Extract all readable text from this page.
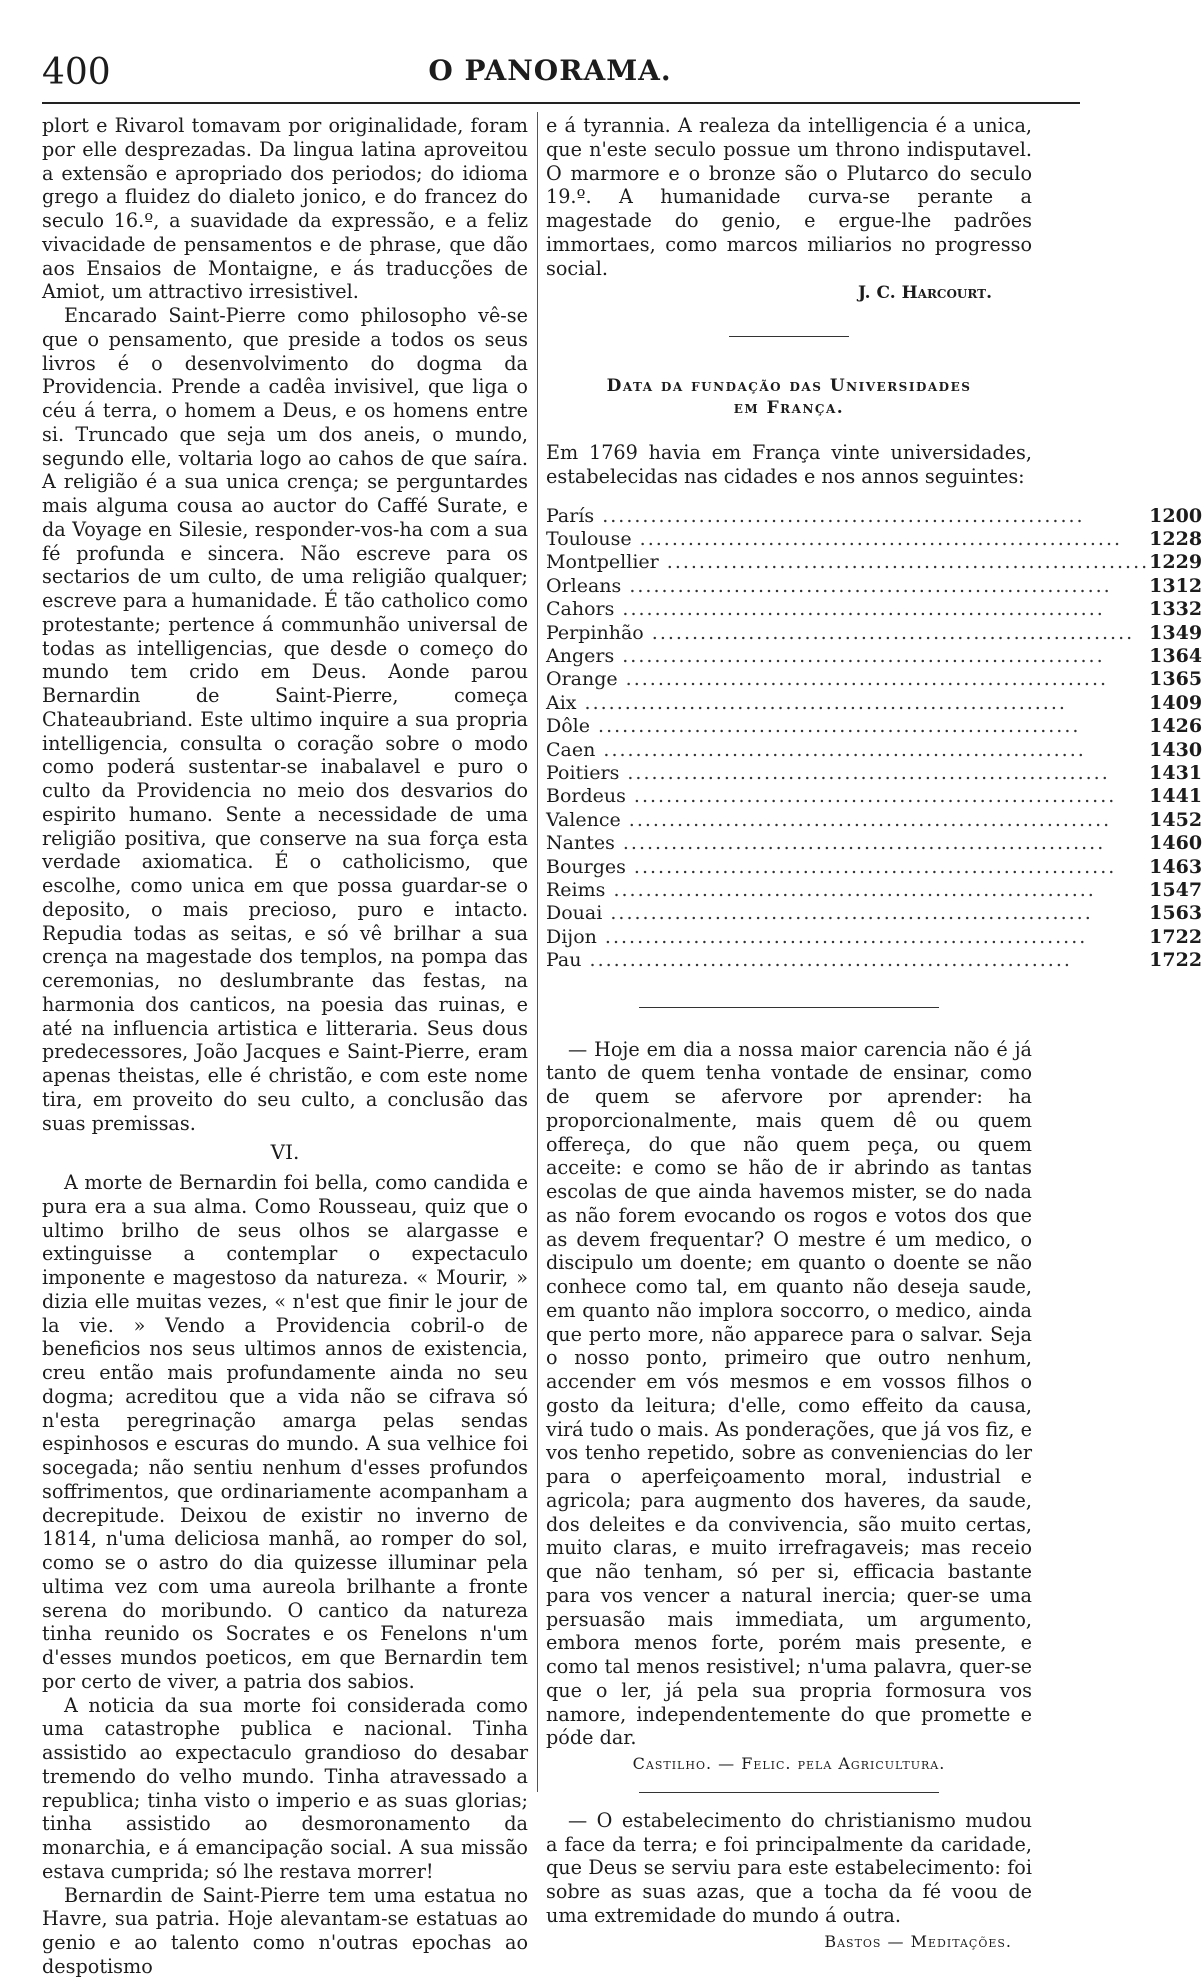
400	O PANORAMA.

plort e Rivarol tomavam por originalidade, foram por elle desprezadas. Da lingua latina aproveitou a extensão e apropriado dos periodos; do idioma grego a fluidez do dialeto jonico, e do francez do seculo 16.º, a suavidade da expressão, e a feliz vivacidade de pensamentos e de phrase, que dão aos Ensaios de Montaigne, e ás traducções de Amiot, um attractivo irresistivel.

Encarado Saint-Pierre como philosopho vê-se que o pensamento, que preside a todos os seus livros é o desenvolvimento do dogma da Providencia. Prende a cadêa invisivel, que liga o céu á terra, o homem a Deus, e os homens entre si. Truncado que seja um dos aneis, o mundo, segundo elle, voltaria logo ao cahos de que saíra. A religião é a sua unica crença; se perguntardes mais alguma cousa ao auctor do Caffé Surate, e da Voyage en Silesie, responder-vos-ha com a sua fé profunda e sincera. Não escreve para os sectarios de um culto, de uma religião qualquer; escreve para a humanidade. É tão catholico como protestante; pertence á communhão universal de todas as intelligencias, que desde o começo do mundo tem crido em Deus. Aonde parou Bernardin de Saint-Pierre, começa Chateaubriand. Este ultimo inquire a sua propria intelligencia, consulta o coração sobre o modo como poderá sustentar-se inabalavel e puro o culto da Providencia no meio dos desvarios do espirito humano. Sente a necessidade de uma religião positiva, que conserve na sua força esta verdade axiomatica. É o catholicismo, que escolhe, como unica em que possa guardar-se o deposito, o mais precioso, puro e intacto. Repudia todas as seitas, e só vê brilhar a sua crença na magestade dos templos, na pompa das ceremonias, no deslumbrante das festas, na harmonia dos canticos, na poesia das ruinas, e até na influencia artistica e litteraria. Seus dous predecessores, João Jacques e Saint-Pierre, eram apenas theistas, elle é christão, e com este nome tira, em proveito do seu culto, a conclusão das suas premissas.

VI.

A morte de Bernardin foi bella, como candida e pura era a sua alma. Como Rousseau, quiz que o ultimo brilho de seus olhos se alargasse e extinguisse a contemplar o expectaculo imponente e magestoso da natureza. « Mourir, » dizia elle muitas vezes, « n'est que finir le jour de la vie. » Vendo a Providencia cobril-o de beneficios nos seus ultimos annos de existencia, creu então mais profundamente ainda no seu dogma; acreditou que a vida não se cifrava só n'esta peregrinação amarga pelas sendas espinhosos e escuras do mundo. A sua velhice foi socegada; não sentiu nenhum d'esses profundos soffrimentos, que ordinariamente acompanham a decrepitude. Deixou de existir no inverno de 1814, n'uma deliciosa manhã, ao romper do sol, como se o astro do dia quizesse illuminar pela ultima vez com uma aureola brilhante a fronte serena do moribundo. O cantico da natureza tinha reunido os Socrates e os Fenelons n'um d'esses mundos poeticos, em que Bernardin tem por certo de viver, a patria dos sabios.

A noticia da sua morte foi considerada como uma catastrophe publica e nacional. Tinha assistido ao expectaculo grandioso do desabar tremendo do velho mundo. Tinha atravessado a republica; tinha visto o imperio e as suas glorias; tinha assistido ao desmoronamento da monarchia, e á emancipação social. A sua missão estava cumprida; só lhe restava morrer!

Bernardin de Saint-Pierre tem uma estatua no Havre, sua patria. Hoje alevantam-se estatuas ao genio e ao talento como n'outras epochas ao despotismo

e á tyrannia. A realeza da intelligencia é a unica, que n'este seculo possue um throno indisputavel. O marmore e o bronze são o Plutarco do seculo 19.º. A humanidade curva-se perante a magestade do genio, e ergue-lhe padrões immortaes, como marcos miliarios no progresso social.

J. C. Harcourt.
Data da fundação das Universidades
em França.

Em 1769 havia em França vinte universidades, estabelecidas nas cidades e nos annos seguintes:

París ............................................................	1200
Toulouse ............................................................	1228
Montpellier ............................................................	1229
Orleans ............................................................	1312
Cahors ............................................................	1332
Perpinhão ............................................................	1349
Angers ............................................................	1364
Orange ............................................................	1365
Aix ............................................................	1409
Dôle ............................................................	1426
Caen ............................................................	1430
Poitiers ............................................................	1431
Bordeus ............................................................	1441
Valence ............................................................	1452
Nantes ............................................................	1460
Bourges ............................................................	1463
Reims ............................................................	1547
Douai ............................................................	1563
Dijon ............................................................	1722
Pau ............................................................	1722

— Hoje em dia a nossa maior carencia não é já tanto de quem tenha vontade de ensinar, como de quem se afervore por aprender: ha proporcionalmente, mais quem dê ou quem offereça, do que não quem peça, ou quem acceite: e como se hão de ir abrindo as tantas escolas de que ainda havemos mister, se do nada as não forem evocando os rogos e votos dos que as devem frequentar? O mestre é um medico, o discipulo um doente; em quanto o doente se não conhece como tal, em quanto não deseja saude, em quanto não implora soccorro, o medico, ainda que perto more, não apparece para o salvar. Seja o nosso ponto, primeiro que outro nenhum, accender em vós mesmos e em vossos filhos o gosto da leitura; d'elle, como effeito da causa, virá tudo o mais. As ponderações, que já vos fiz, e vos tenho repetido, sobre as conveniencias do ler para o aperfeiçoamento moral, industrial e agricola; para augmento dos haveres, da saude, dos deleites e da convivencia, são muito certas, muito claras, e muito irrefragaveis; mas receio que não tenham, só per si, efficacia bastante para vos vencer a natural inercia; quer-se uma persuasão mais immediata, um argumento, embora menos forte, porém mais presente, e como tal menos resistivel; n'uma palavra, quer-se que o ler, já pela sua propria formosura vos namore, independentemente do que promette e póde dar.

Castilho. — Felic. pela Agricultura.

— O estabelecimento do christianismo mudou a face da terra; e foi principalmente da caridade, que Deus se serviu para este estabelecimento: foi sobre as suas azas, que a tocha da fé voou de uma extremidade do mundo á outra.

Bastos — Meditações.
